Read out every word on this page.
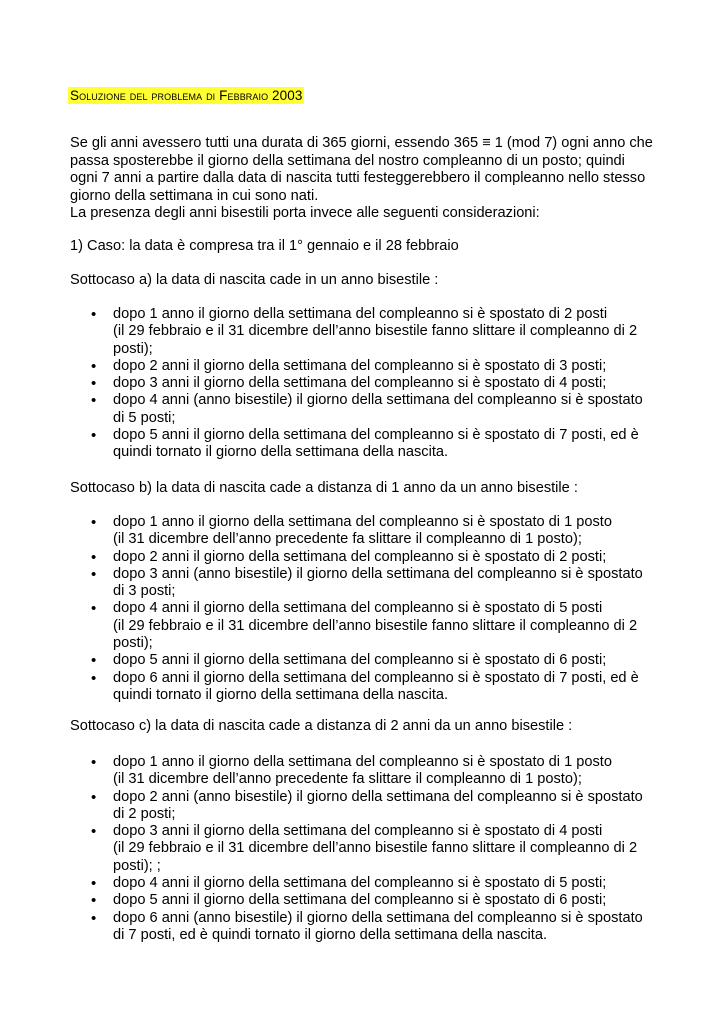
Soluzione del problema di Febbraio 2003

Se gli anni avessero tutti una durata di 365 giorni, essendo 365 ≡ 1 (mod 7) ogni anno che

passa sposterebbe il giorno della settimana del nostro compleanno di un posto; quindi

ogni 7 anni a partire dalla data di nascita tutti festeggerebbero il compleanno nello stesso

giorno della settimana in cui sono nati.

La presenza degli anni bisestili porta invece alle seguenti considerazioni:

1) Caso: la data è compresa tra il 1° gennaio e il 28 febbraio
Sottocaso a) la data di nascita cade in un anno bisestile :
• dopo 1 anno il giorno della settimana del compleanno si è spostato di 2 posti
(il 29 febbraio e il 31 dicembre dell’anno bisestile fanno slittare il compleanno di 2 posti);
• dopo 2 anni il giorno della settimana del compleanno si è spostato di 3 posti;
• dopo 3 anni il giorno della settimana del compleanno si è spostato di 4 posti;
• dopo 4 anni (anno bisestile) il giorno della settimana del compleanno si è spostato di 5 posti;
• dopo 5 anni il giorno della settimana del compleanno si è spostato di 7 posti, ed è quindi tornato il giorno della settimana della nascita.
Sottocaso b) la data di nascita cade a distanza di 1 anno da un anno bisestile :
• dopo 1 anno il giorno della settimana del compleanno si è spostato di 1 posto
(il 31 dicembre dell’anno precedente fa slittare il compleanno di 1 posto);
• dopo 2 anni il giorno della settimana del compleanno si è spostato di 2 posti;
• dopo 3 anni (anno bisestile) il giorno della settimana del compleanno si è spostato di 3 posti;
• dopo 4 anni il giorno della settimana del compleanno si è spostato di 5 posti
(il 29 febbraio e il 31 dicembre dell’anno bisestile fanno slittare il compleanno di 2 posti);
• dopo 5 anni il giorno della settimana del compleanno si è spostato di 6 posti;
• dopo 6 anni il giorno della settimana del compleanno si è spostato di 7 posti, ed è quindi tornato il giorno della settimana della nascita.
Sottocaso c) la data di nascita cade a distanza di 2 anni da un anno bisestile :
• dopo 1 anno il giorno della settimana del compleanno si è spostato di 1 posto
(il 31 dicembre dell’anno precedente fa slittare il compleanno di 1 posto);
• dopo 2 anni (anno bisestile) il giorno della settimana del compleanno si è spostato di 2 posti;
• dopo 3 anni il giorno della settimana del compleanno si è spostato di 4 posti
(il 29 febbraio e il 31 dicembre dell’anno bisestile fanno slittare il compleanno di 2 posti); ;
• dopo 4 anni il giorno della settimana del compleanno si è spostato di 5 posti;
• dopo 5 anni il giorno della settimana del compleanno si è spostato di 6 posti;
• dopo 6 anni (anno bisestile) il giorno della settimana del compleanno si è spostato di 7 posti, ed è quindi tornato il giorno della settimana della nascita.
